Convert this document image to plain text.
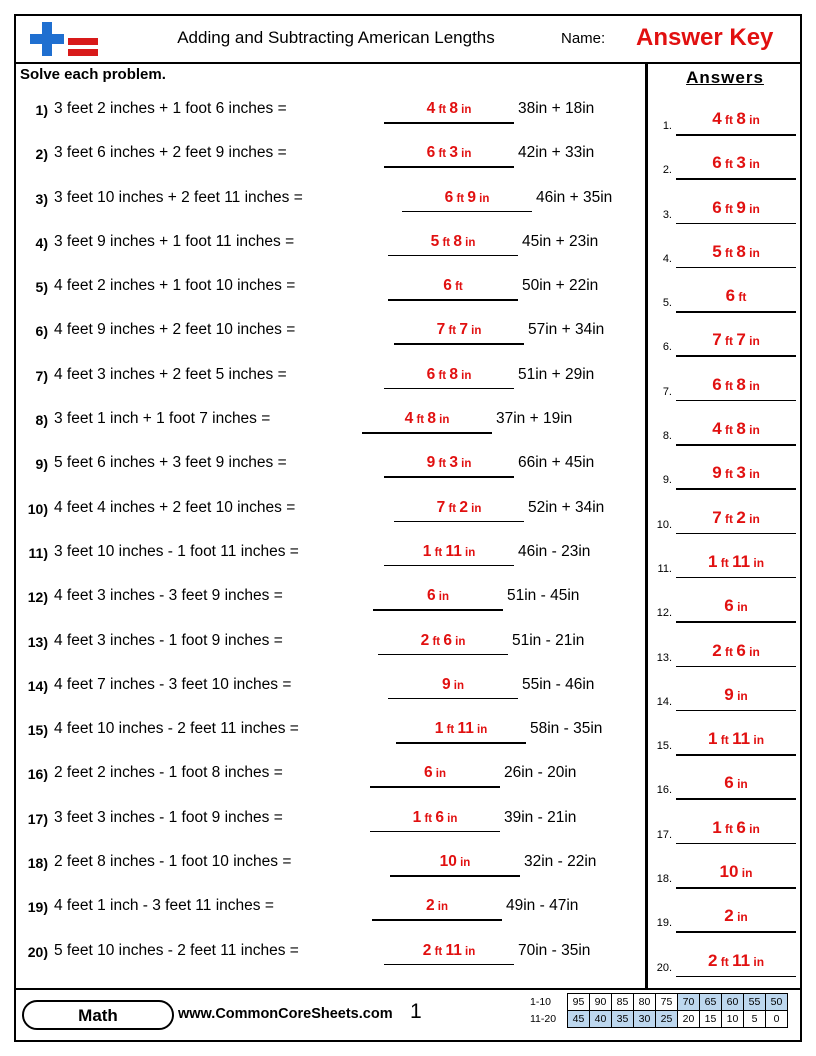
Adding and Subtracting American Lengths	Name: Answer Key
Solve each problem.
1) 3 feet 2 inches + 1 foot 6 inches =	4 ft 8 in	38in + 18in
2) 3 feet 6 inches + 2 feet 9 inches =	6 ft 3 in	42in + 33in
3) 3 feet 10 inches + 2 feet 11 inches =	6 ft 9 in	46in + 35in
4) 3 feet 9 inches + 1 foot 11 inches =	5 ft 8 in	45in + 23in
5) 4 feet 2 inches + 1 foot 10 inches =	6 ft	50in + 22in
6) 4 feet 9 inches + 2 feet 10 inches =	7 ft 7 in	57in + 34in
7) 4 feet 3 inches + 2 feet 5 inches =	6 ft 8 in	51in + 29in
8) 3 feet 1 inch + 1 foot 7 inches =	4 ft 8 in	37in + 19in
9) 5 feet 6 inches + 3 feet 9 inches =	9 ft 3 in	66in + 45in
10) 4 feet 4 inches + 2 feet 10 inches =	7 ft 2 in	52in + 34in
11) 3 feet 10 inches - 1 foot 11 inches =	1 ft 11 in	46in - 23in
12) 4 feet 3 inches - 3 feet 9 inches =	6 in	51in - 45in
13) 4 feet 3 inches - 1 foot 9 inches =	2 ft 6 in	51in - 21in
14) 4 feet 7 inches - 3 feet 10 inches =	9 in	55in - 46in
15) 4 feet 10 inches - 2 feet 11 inches =	1 ft 11 in	58in - 35in
16) 2 feet 2 inches - 1 foot 8 inches =	6 in	26in - 20in
17) 3 feet 3 inches - 1 foot 9 inches =	1 ft 6 in	39in - 21in
18) 2 feet 8 inches - 1 foot 10 inches =	10 in	32in - 22in
19) 4 feet 1 inch - 3 feet 11 inches =	2 in	49in - 47in
20) 5 feet 10 inches - 2 feet 11 inches =	2 ft 11 in	70in - 35in
Answers
1.	4 ft 8 in
2.	6 ft 3 in
3.	6 ft 9 in
4.	5 ft 8 in
5.	6 ft
6.	7 ft 7 in
7.	6 ft 8 in
8.	4 ft 8 in
9.	9 ft 3 in
10.	7 ft 2 in
11.	1 ft 11 in
12.	6 in
13.	2 ft 6 in
14.	9 in
15.	1 ft 11 in
16.	6 in
17.	1 ft 6 in
18.	10 in
19.	2 in
20.	2 ft 11 in
Math	www.CommonCoreSheets.com 1	1-10	95	90	85	80	75	70	65	60	55	50
11-20	45	40	35	30	25	20	15	10	5	0
